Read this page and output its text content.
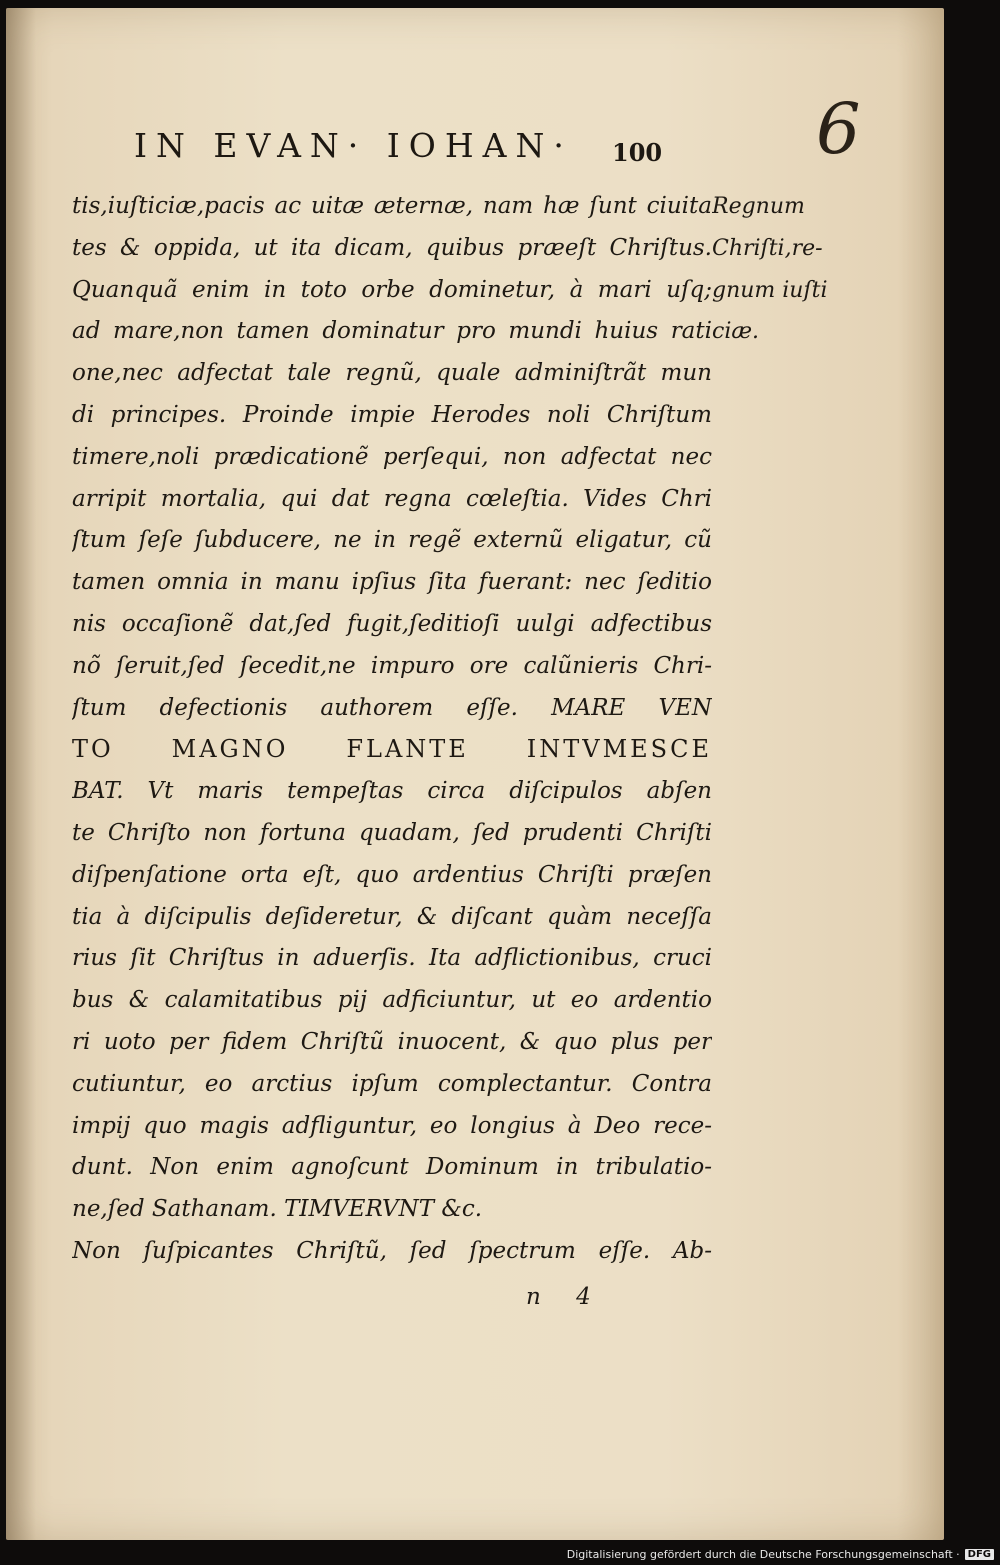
IN EVAN· IOHAN· 100 6
tis,iuſticiæ,pacis ac uitæ æternæ, nam hæ ſunt ciuita
tes & oppida, ut ita dicam, quibus præeſt Chriſtus.
Quanquã enim in toto orbe dominetur, à mari uſq;
ad mare,non tamen dominatur pro mundi huius rati
one,nec adfectat tale regnũ, quale adminiſtrãt mun
di principes. Proinde impie Herodes noli Chriſtum
timere,noli prædicationẽ perſequi, non adfectat nec
arripit mortalia, qui dat regna cœleſtia. Vides Chri
ſtum ſeſe ſubducere, ne in regẽ externũ eligatur, cũ
tamen omnia in manu ipſius ſita fuerant: nec ſeditio
nis occaſionẽ dat,ſed fugit,ſeditioſi uulgi adfectibus
nõ ſeruit,ſed ſecedit,ne impuro ore calũnieris Chri-
ſtum defectionis authorem eſſe. MARE VEN
TO MAGNO FLANTE INTVMESCE
BAT. Vt maris tempeſtas circa diſcipulos abſen
te Chriſto non fortuna quadam, ſed prudenti Chriſti
diſpenſatione orta eſt, quo ardentius Chriſti præſen
tia à diſcipulis deſideretur, & diſcant quàm neceſſa
rius ſit Chriſtus in aduerſis. Ita adflictionibus, cruci
bus & calamitatibus pij adficiuntur, ut eo ardentio
ri uoto per fidem Chriſtũ inuocent, & quo plus per
cutiuntur, eo arctius ipſum complectantur. Contra
impij quo magis adfliguntur, eo longius à Deo rece-
dunt. Non enim agnoſcunt Dominum in tribulatio-
ne,ſed Sathanam. TIMVERVNT &c.
Non ſuſpicantes Chriſtũ, ſed ſpectrum eſſe. Ab-
Regnum
Chriſti,re-
gnum iuſti
ciæ.
n 4
Digitalisierung gefördert durch die Deutsche Forschungsgemeinschaft · DFG
